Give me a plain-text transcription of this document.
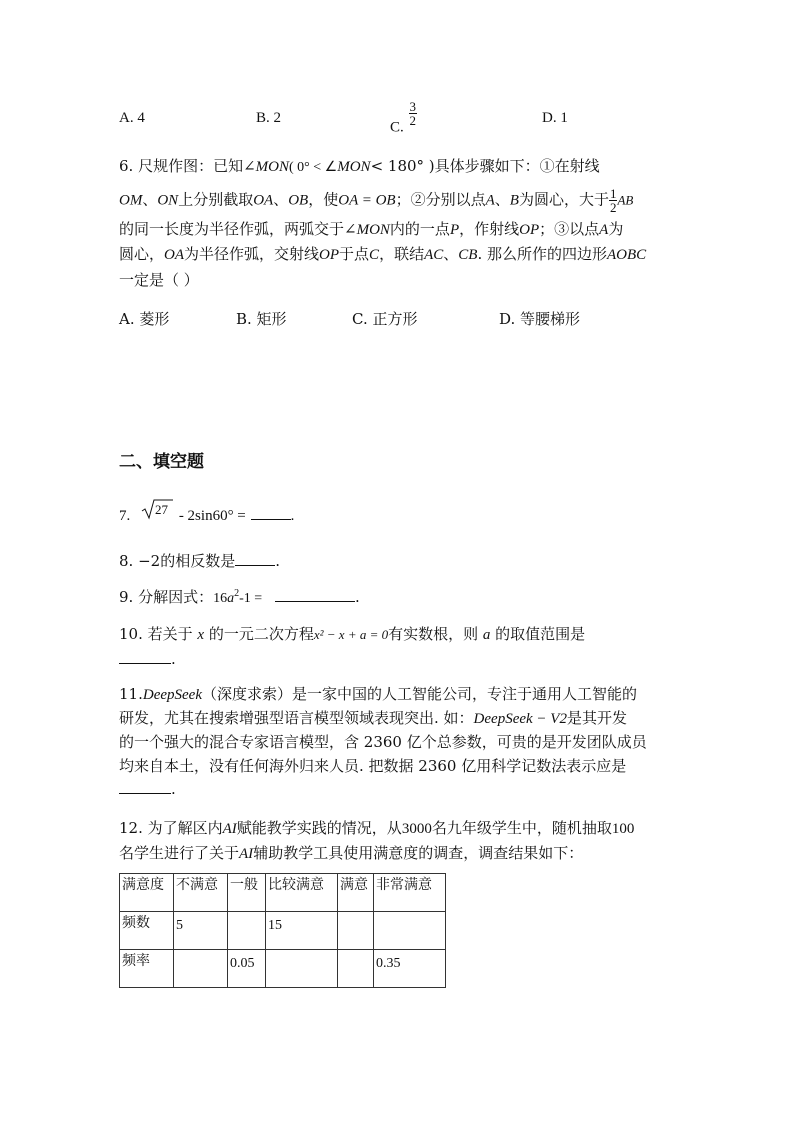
A. 4	B. 2
C.
$\frac{3}{2}$	D. 1
6. 尺规作图：已知∠MON( 0° < ∠MON< 180° )具体步骤如下：①在射线
OM、ON上分别截取OA、OB，使OA = OB；②分别以点A、B为圆心，大于 $\frac{1}{2}$ AB
的同一长度为半径作弧，两弧交于∠MON内的一点P，作射线OP；③以点A为
圆心，OA为半径作弧，交射线OP于点C，联结AC、CB. 那么所作的四边形AOBC
一定是（ ）
A. 菱形	B. 矩形	C. 正方形	D. 等腰梯形
二、填空题
7. 27 - 2sin60° =	.
8. −2的相反数是	.
9. 分解因式：$16a^2-1$ =	.
10. 若关于 x 的一元二次方程x² − x + a = 0有实数根，则 a 的取值范围是
.
11.DeepSeek（深度求索）是一家中国的人工智能公司，专注于通用人工智能的
研发，尤其在搜索增强型语言模型领域表现突出. 如：DeepSeek − V2是其开发
的一个强大的混合专家语言模型，含 2360 亿个总参数，可贵的是开发团队成员
均来自本土，没有任何海外归来人员. 把数据 2360 亿用科学记数法表示应是
.
12. 为了解区内AI赋能教学实践的情况，从3000名九年级学生中，随机抽取100
名学生进行了关于AI辅助教学工具使用满意度的调查，调查结果如下：
满意度	不满意	一般	比较满意	满意	非常满意
频数	5		15		
频率		0.05			0.35
